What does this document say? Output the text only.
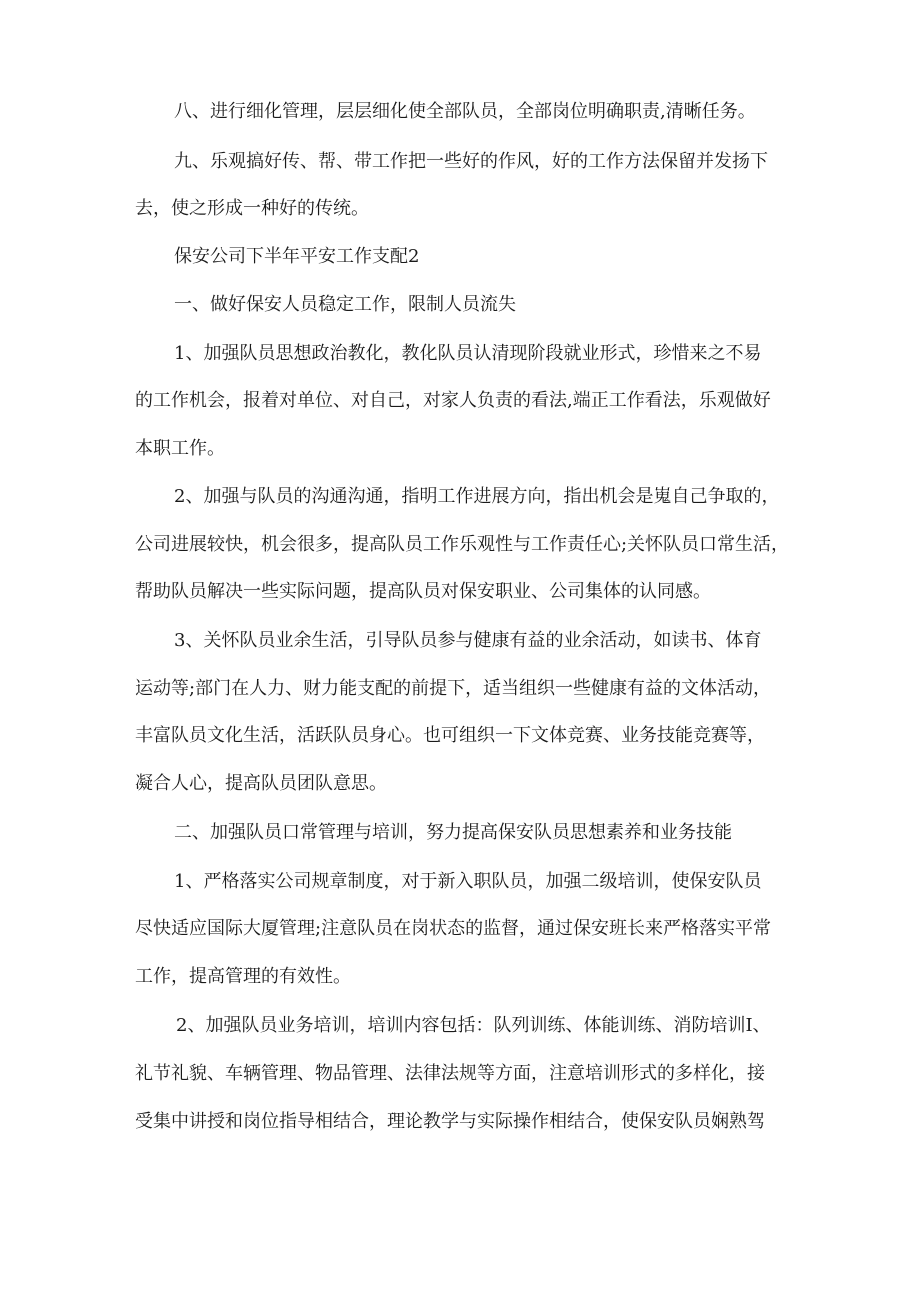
八、进行细化管理，层层细化使全部队员，全部岗位明确职责,清晰任务。
九、乐观搞好传、帮、带工作把一些好的作风，好的工作方法保留并发扬下
去，使之形成一种好的传统。
保安公司下半年平安工作支配2
一、做好保安人员稳定工作，限制人员流失
1、加强队员思想政治教化，教化队员认清现阶段就业形式，珍惜来之不易
的工作机会，报着对单位、对自己，对家人负责的看法,端正工作看法，乐观做好
本职工作。
2、加强与队员的沟通沟通，指明工作进展方向，指出机会是嵬自己争取的，
公司进展较快，机会很多，提高队员工作乐观性与工作责任心;关怀队员口常生活，
帮助队员解决一些实际问题，提高队员对保安职业、公司集体的认同感。
3、关怀队员业余生活，引导队员参与健康有益的业余活动，如读书、体育
运动等;部门在人力、财力能支配的前提下，适当组织一些健康有益的文体活动，
丰富队员文化生活，活跃队员身心。也可组织一下文体竞赛、业务技能竞赛等，
凝合人心，提高队员团队意思。
二、加强队员口常管理与培训，努力提高保安队员思想素养和业务技能
1、严格落实公司规章制度，对于新入职队员，加强二级培训，使保安队员
尽快适应国际大厦管理;注意队员在岗状态的监督，通过保安班长来严格落实平常
工作，提高管理的有效性。
2、加强队员业务培训，培训内容包括：队列训练、体能训练、消防培训I、
礼节礼貌、车辆管理、物品管理、法律法规等方面，注意培训形式的多样化，接
受集中讲授和岗位指导相结合，理论教学与实际操作相结合，使保安队员娴熟驾
